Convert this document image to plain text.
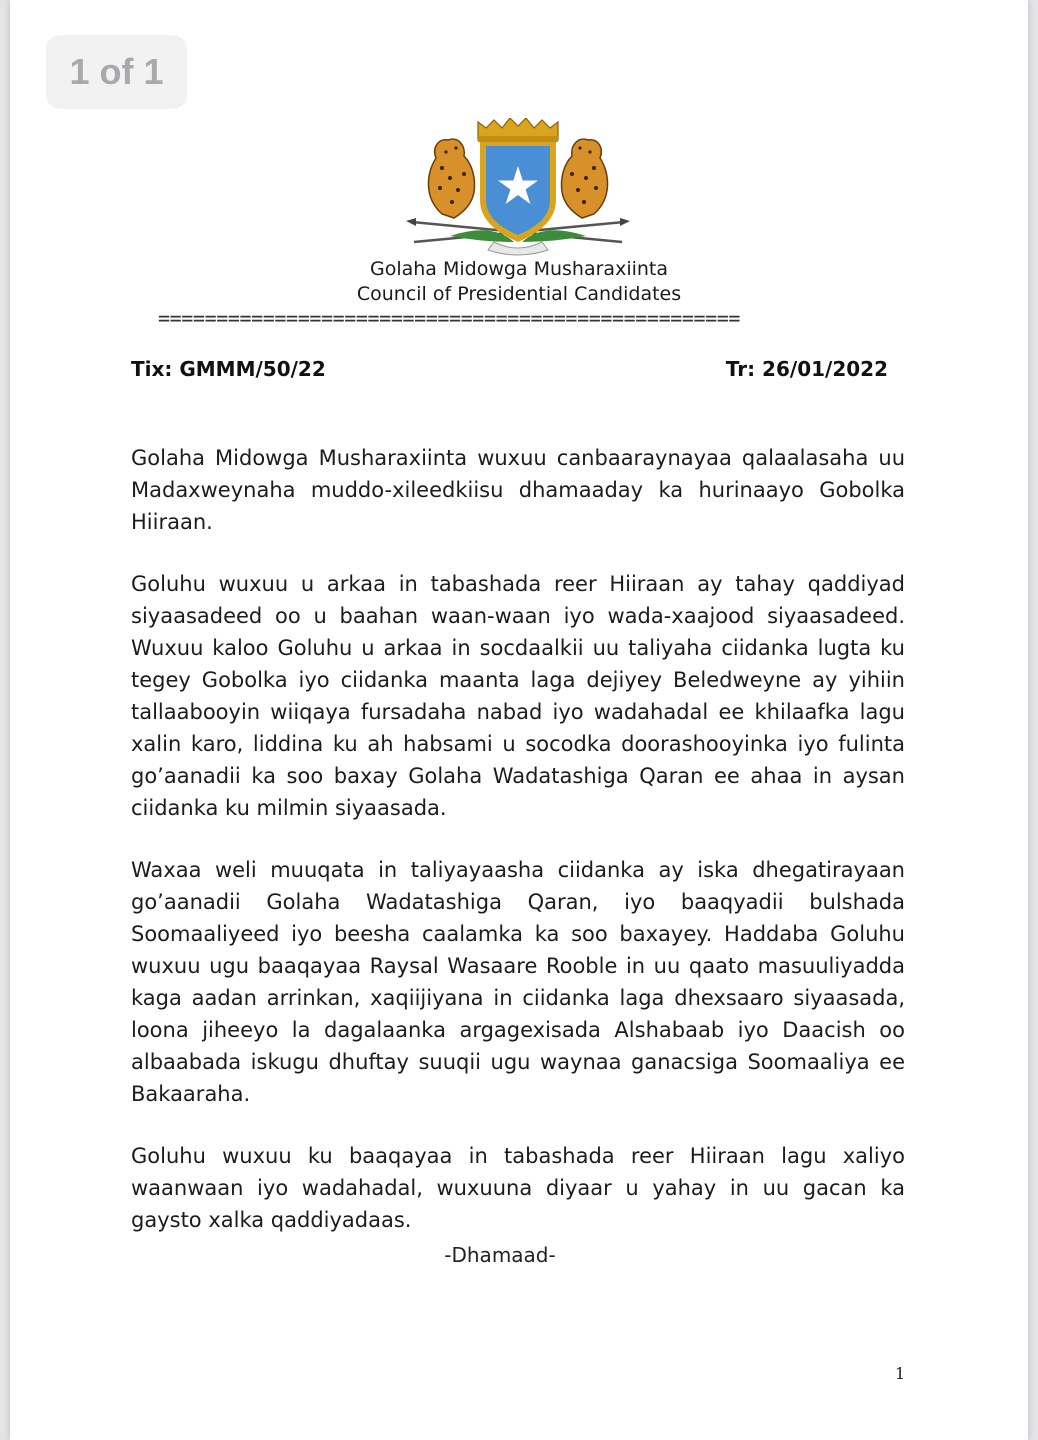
1 of 1
Golaha Midowga Musharaxiinta
Council of Presidential Candidates
==================================================
Tix: GMMM/50/22	Tr: 26/01/2022

Golaha Midowga Musharaxiinta wuxuu canbaaraynayaa qalaalasaha uu Madaxweynaha muddo-xileedkiisu dhamaaday ka hurinaayo Gobolka Hiiraan.

Goluhu wuxuu u arkaa in tabashada reer Hiiraan ay tahay qaddiyad siyaasadeed oo u baahan waan-waan iyo wada-xaajood siyaasadeed. Wuxuu kaloo Goluhu u arkaa in socdaalkii uu taliyaha ciidanka lugta ku tegey Gobolka iyo ciidanka maanta laga dejiyey Beledweyne ay yihiin tallaabooyin wiiqaya fursadaha nabad iyo wadahadal ee khilaafka lagu xalin karo, liddina ku ah habsami u socodka doorashooyinka iyo fulinta go’aanadii ka soo baxay Golaha Wadatashiga Qaran ee ahaa in aysan ciidanka ku milmin siyaasada.

Waxaa weli muuqata in taliyayaasha ciidanka ay iska dhegatirayaan go’aanadii Golaha Wadatashiga Qaran, iyo baaqyadii bulshada Soomaaliyeed iyo beesha caalamka ka soo baxayey. Haddaba Goluhu wuxuu ugu baaqayaa Raysal Wasaare Rooble in uu qaato masuuliyadda kaga aadan arrinkan, xaqiijiyana in ciidanka laga dhexsaaro siyaasada, loona jiheeyo la dagalaanka argagexisada Alshabaab iyo Daacish oo albaabada iskugu dhuftay suuqii ugu waynaa ganacsiga Soomaaliya ee Bakaaraha.

Goluhu wuxuu ku baaqayaa in tabashada reer Hiiraan lagu xaliyo waanwaan iyo wadahadal, wuxuuna diyaar u yahay in uu gacan ka gaysto xalka qaddiyadaas.

-Dhamaad-
1
